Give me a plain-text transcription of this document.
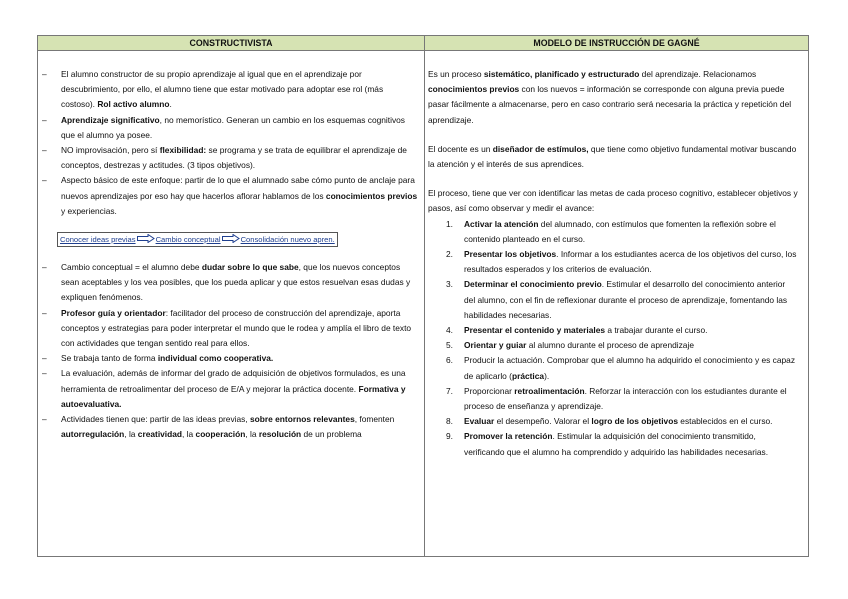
CONSTRUCTIVISTA	MODELO DE INSTRUCCIÓN DE GAGNÉ
– El alumno constructor de su propio aprendizaje al igual que en el aprendizaje por descubrimiento, por ello, el alumno tiene que estar motivado para adoptar ese rol (más costoso). Rol activo alumno.
– Aprendizaje significativo, no memorístico. Generan un cambio en los esquemas cognitivos que el alumno ya posee.
– NO improvisación, pero sí flexibilidad: se programa y se trata de equilibrar el aprendizaje de conceptos, destrezas y actitudes. (3 tipos objetivos).
– Aspecto básico de este enfoque: partir de lo que el alumnado sabe cómo punto de anclaje para nuevos aprendizajes por eso hay que hacerlos aflorar hablamos de los conocimientos previos y experiencias.
Conocer ideas previas	Cambio conceptual	Consolidación nuevo apren.
– Cambio conceptual = el alumno debe dudar sobre lo que sabe, que los nuevos conceptos sean aceptables y los vea posibles, que los pueda aplicar y que estos resuelvan esas dudas y expliquen fenómenos.
– Profesor guía y orientador: facilitador del proceso de construcción del aprendizaje, aporta conceptos y estrategias para poder interpretar el mundo que le rodea y amplía el libro de texto con actividades que tengan sentido real para ellos.
– Se trabaja tanto de forma individual como cooperativa.
– La evaluación, además de informar del grado de adquisición de objetivos formulados, es una herramienta de retroalimentar del proceso de E/A y mejorar la práctica docente. Formativa y autoevaluativa.
– Actividades tienen que: partir de las ideas previas, sobre entornos relevantes, fomenten autorregulación, la creatividad, la cooperación, la resolución de un problema

Es un proceso sistemático, planificado y estructurado del aprendizaje. Relacionamos conocimientos previos con los nuevos = información se corresponde con alguna previa puede pasar fácilmente a almacenarse, pero en caso contrario será necesaria la práctica y repetición del aprendizaje.

El docente es un diseñador de estímulos, que tiene como objetivo fundamental motivar buscando la atención y el interés de sus aprendices.

El proceso, tiene que ver con identificar las metas de cada proceso cognitivo, establecer objetivos y pasos, así como observar y medir el avance:

1. Activar la atención del alumnado, con estímulos que fomenten la reflexión sobre el contenido planteado en el curso.
2. Presentar los objetivos. Informar a los estudiantes acerca de los objetivos del curso, los resultados esperados y los criterios de evaluación.
3. Determinar el conocimiento previo. Estimular el desarrollo del conocimiento anterior del alumno, con el fin de reflexionar durante el proceso de aprendizaje, fomentando las habilidades necesarias.
4. Presentar el contenido y materiales a trabajar durante el curso.
5. Orientar y guiar al alumno durante el proceso de aprendizaje
6. Producir la actuación. Comprobar que el alumno ha adquirido el conocimiento y es capaz de aplicarlo (práctica).
7. Proporcionar retroalimentación. Reforzar la interacción con los estudiantes durante el proceso de enseñanza y aprendizaje.
8. Evaluar el desempeño. Valorar el logro de los objetivos establecidos en el curso.
9. Promover la retención. Estimular la adquisición del conocimiento transmitido, verificando que el alumno ha comprendido y adquirido las habilidades necesarias.
